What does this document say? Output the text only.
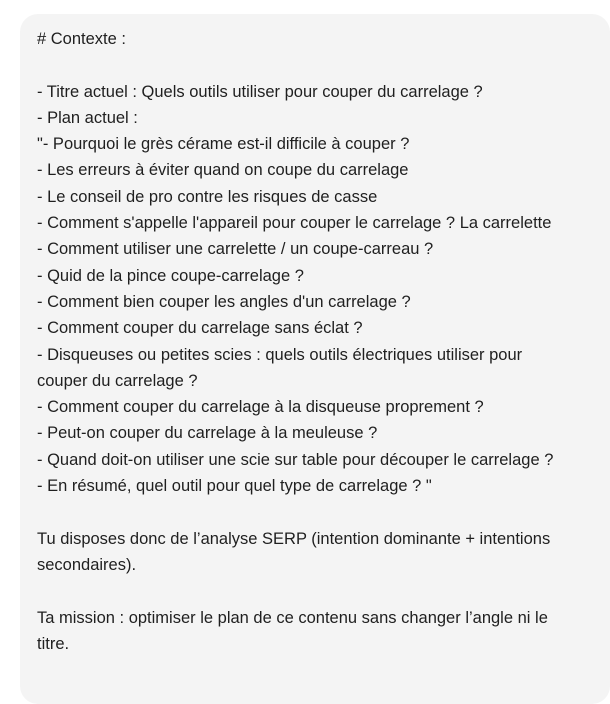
# Contexte :
- Titre actuel : Quels outils utiliser pour couper du carrelage ?
- Plan actuel :
"- Pourquoi le grès cérame est-il difficile à couper ?
- Les erreurs à éviter quand on coupe du carrelage
- Le conseil de pro contre les risques de casse
- Comment s'appelle l'appareil pour couper le carrelage ? La carrelette
- Comment utiliser une carrelette / un coupe-carreau ?
- Quid de la pince coupe-carrelage ?
- Comment bien couper les angles d'un carrelage ?
- Comment couper du carrelage sans éclat ?
- Disqueuses ou petites scies : quels outils électriques utiliser pour
couper du carrelage ?
- Comment couper du carrelage à la disqueuse proprement ?
- Peut-on couper du carrelage à la meuleuse ?
- Quand doit-on utiliser une scie sur table pour découper le carrelage ?
- En résumé, quel outil pour quel type de carrelage ? "
Tu disposes donc de l’analyse SERP (intention dominante + intentions
secondaires).
Ta mission : optimiser le plan de ce contenu sans changer l’angle ni le
titre.
